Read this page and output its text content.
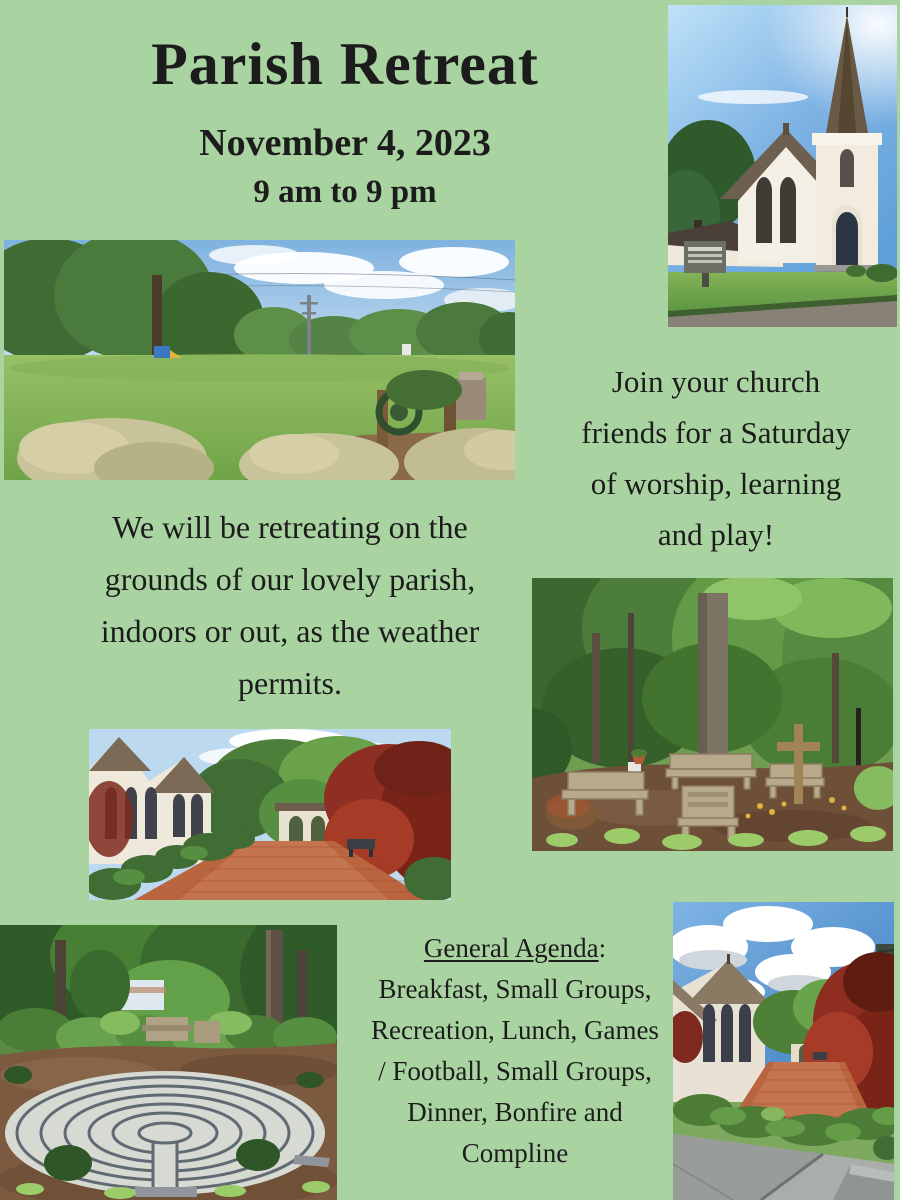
Parish Retreat
November 4, 2023
9 am to 9 pm
Join your church
friends for a Saturday
of worship, learning
and play!
We will be retreating on the
grounds of our lovely parish,
indoors or out, as the weather
permits.
General Agenda:
Breakfast, Small Groups,
Recreation, Lunch, Games
/ Football, Small Groups,
Dinner, Bonfire and
Compline
